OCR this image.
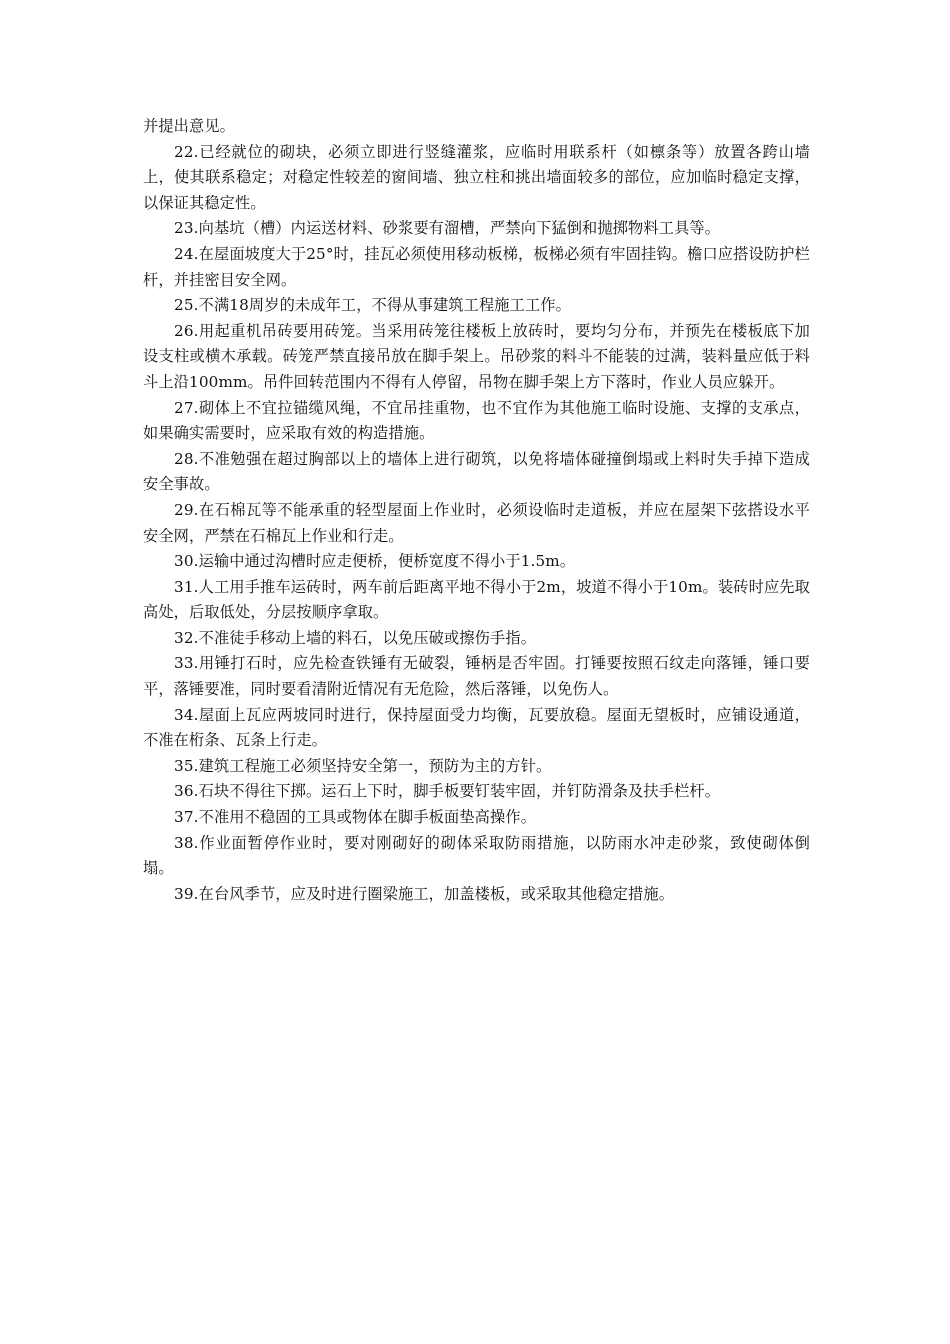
并提出意见。

22.已经就位的砌块，必须立即进行竖缝灌浆，应临时用联系杆（如檩条等）放置各跨山墙上，使其联系稳定；对稳定性较差的窗间墙、独立柱和挑出墙面较多的部位，应加临时稳定支撑，以保证其稳定性。

23.向基坑（槽）内运送材料、砂浆要有溜槽，严禁向下猛倒和抛掷物料工具等。

24.在屋面坡度大于25°时，挂瓦必须使用移动板梯，板梯必须有牢固挂钩。檐口应搭设防护栏杆，并挂密目安全网。

25.不满18周岁的未成年工，不得从事建筑工程施工工作。

26.用起重机吊砖要用砖笼。当采用砖笼往楼板上放砖时，要均匀分布，并预先在楼板底下加设支柱或横木承载。砖笼严禁直接吊放在脚手架上。吊砂浆的料斗不能装的过满，装料量应低于料斗上沿100mm。吊件回转范围内不得有人停留，吊物在脚手架上方下落时，作业人员应躲开。

27.砌体上不宜拉锚缆风绳，不宜吊挂重物，也不宜作为其他施工临时设施、支撑的支承点，如果确实需要时，应采取有效的构造措施。

28.不准勉强在超过胸部以上的墙体上进行砌筑，以免将墙体碰撞倒塌或上料时失手掉下造成安全事故。

29.在石棉瓦等不能承重的轻型屋面上作业时，必须设临时走道板，并应在屋架下弦搭设水平安全网，严禁在石棉瓦上作业和行走。

30.运输中通过沟槽时应走便桥，便桥宽度不得小于1.5m。

31.人工用手推车运砖时，两车前后距离平地不得小于2m，坡道不得小于10m。装砖时应先取高处，后取低处，分层按顺序拿取。

32.不准徒手移动上墙的料石，以免压破或擦伤手指。

33.用锤打石时，应先检查铁锤有无破裂，锤柄是否牢固。打锤要按照石纹走向落锤，锤口要平，落锤要准，同时要看清附近情况有无危险，然后落锤，以免伤人。

34.屋面上瓦应两坡同时进行，保持屋面受力均衡，瓦要放稳。屋面无望板时，应铺设通道，不准在桁条、瓦条上行走。

35.建筑工程施工必须坚持安全第一，预防为主的方针。

36.石块不得往下掷。运石上下时，脚手板要钉装牢固，并钉防滑条及扶手栏杆。

37.不准用不稳固的工具或物体在脚手板面垫高操作。

38.作业面暂停作业时，要对刚砌好的砌体采取防雨措施，以防雨水冲走砂浆，致使砌体倒塌。

39.在台风季节，应及时进行圈梁施工，加盖楼板，或采取其他稳定措施。
